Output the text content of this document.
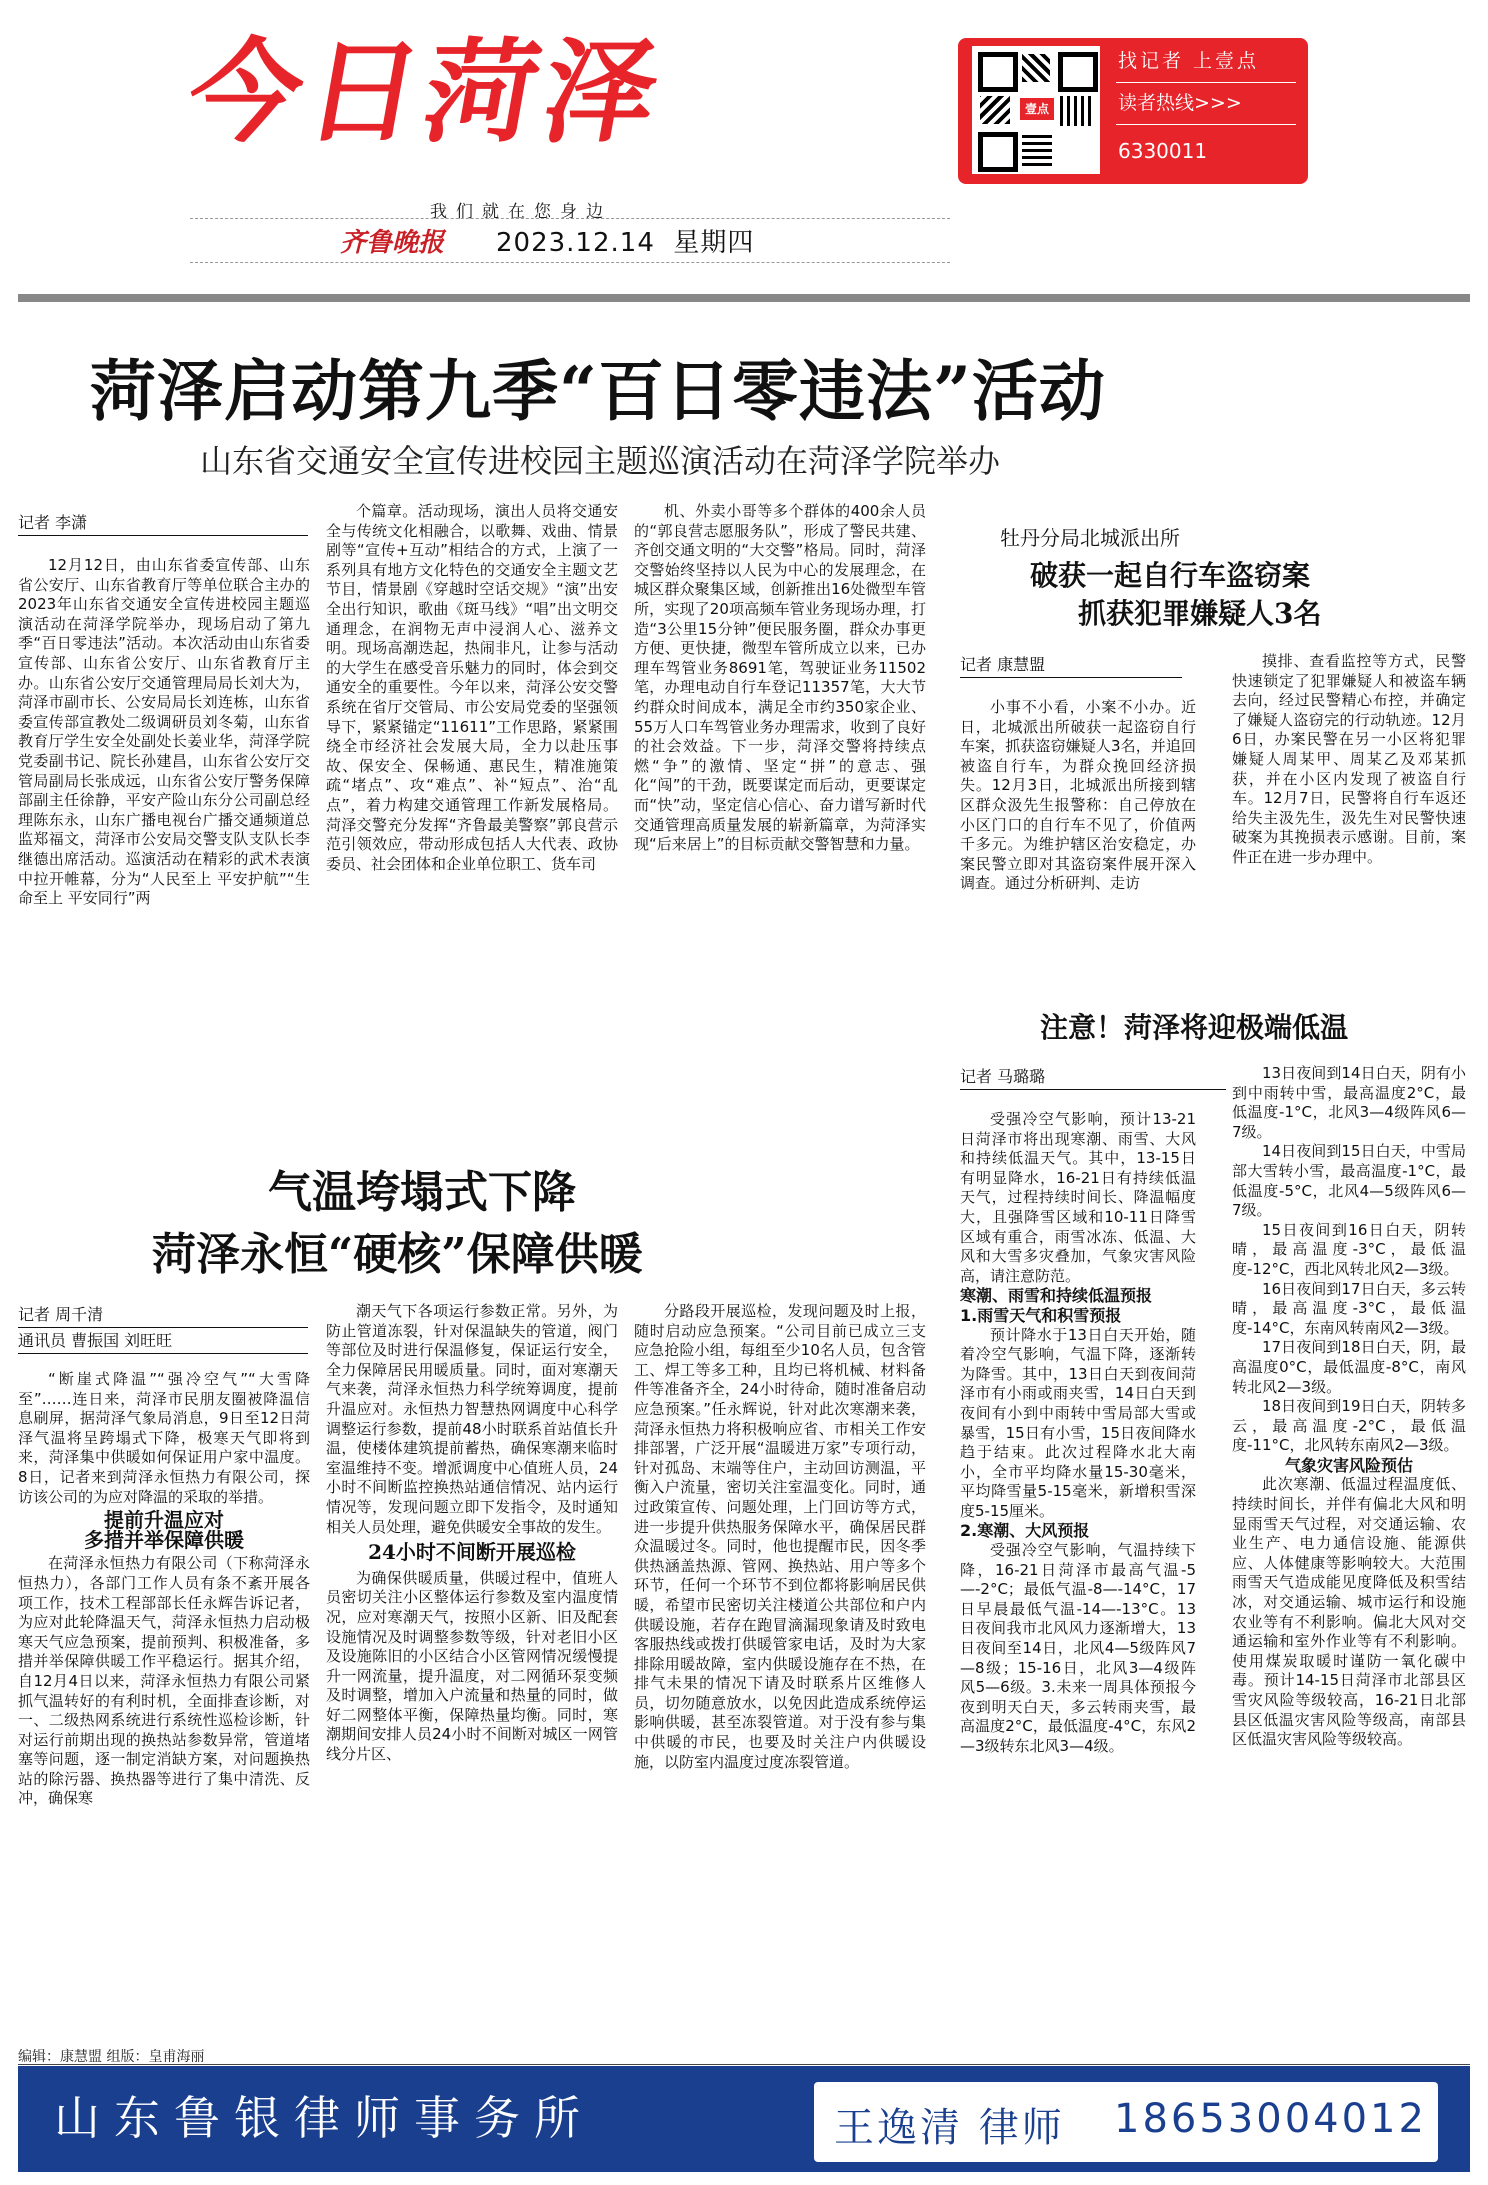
今日菏泽	壹点
找记者 上壹点
读者热线>>>
6330011
我们就在您身边
齐鲁晚报 2023.12.14 星期四
菏泽启动第九季“百日零违法”活动
山东省交通安全宣传进校园主题巡演活动在菏泽学院举办
记者 李潇

12月12日，由山东省委宣传部、山东省公安厅、山东省教育厅等单位联合主办的2023年山东省交通安全宣传进校园主题巡演活动在菏泽学院举办，现场启动了第九季“百日零违法”活动。本次活动由山东省委宣传部、山东省公安厅、山东省教育厅主办。山东省公安厅交通管理局局长刘大为，菏泽市副市长、公安局局长刘连栋，山东省委宣传部宣教处二级调研员刘冬菊，山东省教育厅学生安全处副处长姜业华，菏泽学院党委副书记、院长孙建昌，山东省公安厅交管局副局长张成远，山东省公安厅警务保障部副主任徐静，平安产险山东分公司副总经理陈东永，山东广播电视台广播交通频道总监郑福文，菏泽市公安局交警支队支队长李继德出席活动。巡演活动在精彩的武术表演中拉开帷幕，分为“人民至上 平安护航”“生命至上 平安同行”两

个篇章。活动现场，演出人员将交通安全与传统文化相融合，以歌舞、戏曲、情景剧等“宣传+互动”相结合的方式，上演了一系列具有地方文化特色的交通安全主题文艺节目，情景剧《穿越时空话交规》“演”出安全出行知识，歌曲《斑马线》“唱”出文明交通理念，在润物无声中浸润人心、滋养文明。现场高潮迭起，热闹非凡，让参与活动的大学生在感受音乐魅力的同时，体会到交通安全的重要性。今年以来，菏泽公安交警系统在省厅交管局、市公安局党委的坚强领导下，紧紧锚定“11611”工作思路，紧紧围绕全市经济社会发展大局，全力以赴压事故、保安全、保畅通、惠民生，精准施策疏“堵点”、攻“难点”、补“短点”、治“乱点”，着力构建交通管理工作新发展格局。菏泽交警充分发挥“齐鲁最美警察”郭良营示范引领效应，带动形成包括人大代表、政协委员、社会团体和企业单位职工、货车司

机、外卖小哥等多个群体的400余人员的“郭良营志愿服务队”，形成了警民共建、齐创交通文明的“大交警”格局。同时，菏泽交警始终坚持以人民为中心的发展理念，在城区群众聚集区域，创新推出16处微型车管所，实现了20项高频车管业务现场办理，打造“3公里15分钟”便民服务圈，群众办事更方便、更快捷，微型车管所成立以来，已办理车驾管业务8691笔，驾驶证业务11502笔，办理电动自行车登记11357笔，大大节约群众时间成本，满足全市约350家企业、55万人口车驾管业务办理需求，收到了良好的社会效益。下一步，菏泽交警将持续点燃“争”的激情、坚定“拼”的意志、强化“闯”的干劲，既要谋定而后动，更要谋定而“快”动，坚定信心信心、奋力谱写新时代交通管理高质量发展的崭新篇章，为菏泽实现“后来居上”的目标贡献交警智慧和力量。

牡丹分局北城派出所
破获一起自行车盗窃案
抓获犯罪嫌疑人3名
记者 康慧盟

小事不小看，小案不小办。近日，北城派出所破获一起盗窃自行车案，抓获盗窃嫌疑人3名，并追回被盗自行车，为群众挽回经济损失。12月3日，北城派出所接到辖区群众汲先生报警称：自己停放在小区门口的自行车不见了，价值两千多元。为维护辖区治安稳定，办案民警立即对其盗窃案件展开深入调查。通过分析研判、走访

摸排、查看监控等方式，民警快速锁定了犯罪嫌疑人和被盗车辆去向，经过民警精心布控，并确定了嫌疑人盗窃完的行动轨迹。12月6日，办案民警在另一小区将犯罪嫌疑人周某甲、周某乙及邓某抓获，并在小区内发现了被盗自行车。12月7日，民警将自行车返还给失主汲先生，汲先生对民警快速破案为其挽损表示感谢。目前，案件正在进一步办理中。

注意！菏泽将迎极端低温
记者 马璐璐

受强冷空气影响，预计13-21日菏泽市将出现寒潮、雨雪、大风和持续低温天气。其中，13-15日有明显降水，16-21日有持续低温天气，过程持续时间长、降温幅度大，且强降雪区域和10-11日降雪区域有重合，雨雪冰冻、低温、大风和大雪多灾叠加，气象灾害风险高，请注意防范。

寒潮、雨雪和持续低温预报

1.雨雪天气和积雪预报

预计降水于13日白天开始，随着冷空气影响，气温下降，逐渐转为降雪。其中，13日白天到夜间菏泽市有小雨或雨夹雪，14日白天到夜间有小到中雨转中雪局部大雪或暴雪，15日有小雪，15日夜间降水趋于结束。此次过程降水北大南小，全市平均降水量15-30毫米，平均降雪量5-15毫米，新增积雪深度5-15厘米。

2.寒潮、大风预报

受强冷空气影响，气温持续下降，16-21日菏泽市最高气温-5—-2°C；最低气温-8—-14°C，17日早晨最低气温-14—-13°C。13日夜间我市北风风力逐渐增大，13日夜间至14日，北风4—5级阵风7—8级；15-16日，北风3—4级阵风5—6级。3.未来一周具体预报今夜到明天白天，多云转雨夹雪，最高温度2°C，最低温度-4°C，东风2—3级转东北风3—4级。

13日夜间到14日白天，阴有小到中雨转中雪，最高温度2°C，最低温度-1°C，北风3—4级阵风6—7级。

14日夜间到15日白天，中雪局部大雪转小雪，最高温度-1°C，最低温度-5°C，北风4—5级阵风6—7级。

15日夜间到16日白天，阴转晴，最高温度-3°C，最低温度-12°C，西北风转北风2—3级。

16日夜间到17日白天，多云转晴，最高温度-3°C，最低温度-14°C，东南风转南风2—3级。

17日夜间到18日白天，阴，最高温度0°C，最低温度-8°C，南风转北风2—3级。

18日夜间到19日白天，阴转多云，最高温度-2°C，最低温度-11°C，北风转东南风2—3级。

气象灾害风险预估

此次寒潮、低温过程温度低、持续时间长，并伴有偏北大风和明显雨雪天气过程，对交通运输、农业生产、电力通信设施、能源供应、人体健康等影响较大。大范围雨雪天气造成能见度降低及积雪结冰，对交通运输、城市运行和设施农业等有不利影响。偏北大风对交通运输和室外作业等有不利影响。使用煤炭取暖时谨防一氧化碳中毒。预计14-15日菏泽市北部县区雪灾风险等级较高，16-21日北部县区低温灾害风险等级高，南部县区低温灾害风险等级较高。

气温垮塌式下降
菏泽永恒“硬核”保障供暖
记者 周千清
通讯员 曹振国 刘旺旺

“断崖式降温”“强冷空气”“大雪降至”……连日来，菏泽市民朋友圈被降温信息刷屏，据菏泽气象局消息，9日至12日菏泽气温将呈跨塌式下降，极寒天气即将到来，菏泽集中供暖如何保证用户家中温度。8日，记者来到菏泽永恒热力有限公司，探访该公司的为应对降温的采取的举措。

提前升温应对

多措并举保障供暖

在菏泽永恒热力有限公司（下称菏泽永恒热力），各部门工作人员有条不紊开展各项工作，技术工程部部长任永辉告诉记者，为应对此轮降温天气，菏泽永恒热力启动极寒天气应急预案，提前预判、积极准备，多措并举保障供暖工作平稳运行。据其介绍，自12月4日以来，菏泽永恒热力有限公司紧抓气温转好的有利时机，全面排查诊断，对一、二级热网系统进行系统性巡检诊断，针对运行前期出现的换热站参数异常，管道堵塞等问题，逐一制定消缺方案，对问题换热站的除污器、换热器等进行了集中清洗、反冲，确保寒

潮天气下各项运行参数正常。另外，为防止管道冻裂，针对保温缺失的管道，阀门等部位及时进行保温修复，保证运行安全，全力保障居民用暖质量。同时，面对寒潮天气来袭，菏泽永恒热力科学统筹调度，提前升温应对。永恒热力智慧热网调度中心科学调整运行参数，提前48小时联系首站值长升温，使楼体建筑提前蓄热，确保寒潮来临时室温维持不变。增派调度中心值班人员，24小时不间断监控换热站通信情况、站内运行情况等，发现问题立即下发指令，及时通知相关人员处理，避免供暖安全事故的发生。

24小时不间断开展巡检

为确保供暖质量，供暖过程中，值班人员密切关注小区整体运行参数及室内温度情况，应对寒潮天气，按照小区新、旧及配套设施情况及时调整参数等级，针对老旧小区及设施陈旧的小区结合小区管网情况缓慢提升一网流量，提升温度，对二网循环泵变频及时调整，增加入户流量和热量的同时，做好二网整体平衡，保障热量均衡。同时，寒潮期间安排人员24小时不间断对城区一网管线分片区、

分路段开展巡检，发现问题及时上报，随时启动应急预案。“公司目前已成立三支应急抢险小组，每组至少10名人员，包含管工、焊工等多工种，且均已将机械、材料备件等准备齐全，24小时待命，随时准备启动应急预案。”任永辉说，针对此次寒潮来袭，菏泽永恒热力将积极响应省、市相关工作安排部署，广泛开展“温暖进万家”专项行动，针对孤岛、末端等住户，主动回访测温，平衡入户流量，密切关注室温变化。同时，通过政策宣传、问题处理，上门回访等方式，进一步提升供热服务保障水平，确保居民群众温暖过冬。同时，他也提醒市民，因冬季供热涵盖热源、管网、换热站、用户等多个环节，任何一个环节不到位都将影响居民供暖，希望市民密切关注楼道公共部位和户内供暖设施，若存在跑冒滴漏现象请及时致电客服热线或拨打供暖管家电话，及时为大家排除用暖故障，室内供暖设施存在不热，在排气未果的情况下请及时联系片区维修人员，切勿随意放水，以免因此造成系统停运影响供暖，甚至冻裂管道。对于没有参与集中供暖的市民，也要及时关注户内供暖设施，以防室内温度过度冻裂管道。

编辑：康慧盟 组版：皇甫海丽
山东鲁银律师事务所	王逸清 律师 18653004012
